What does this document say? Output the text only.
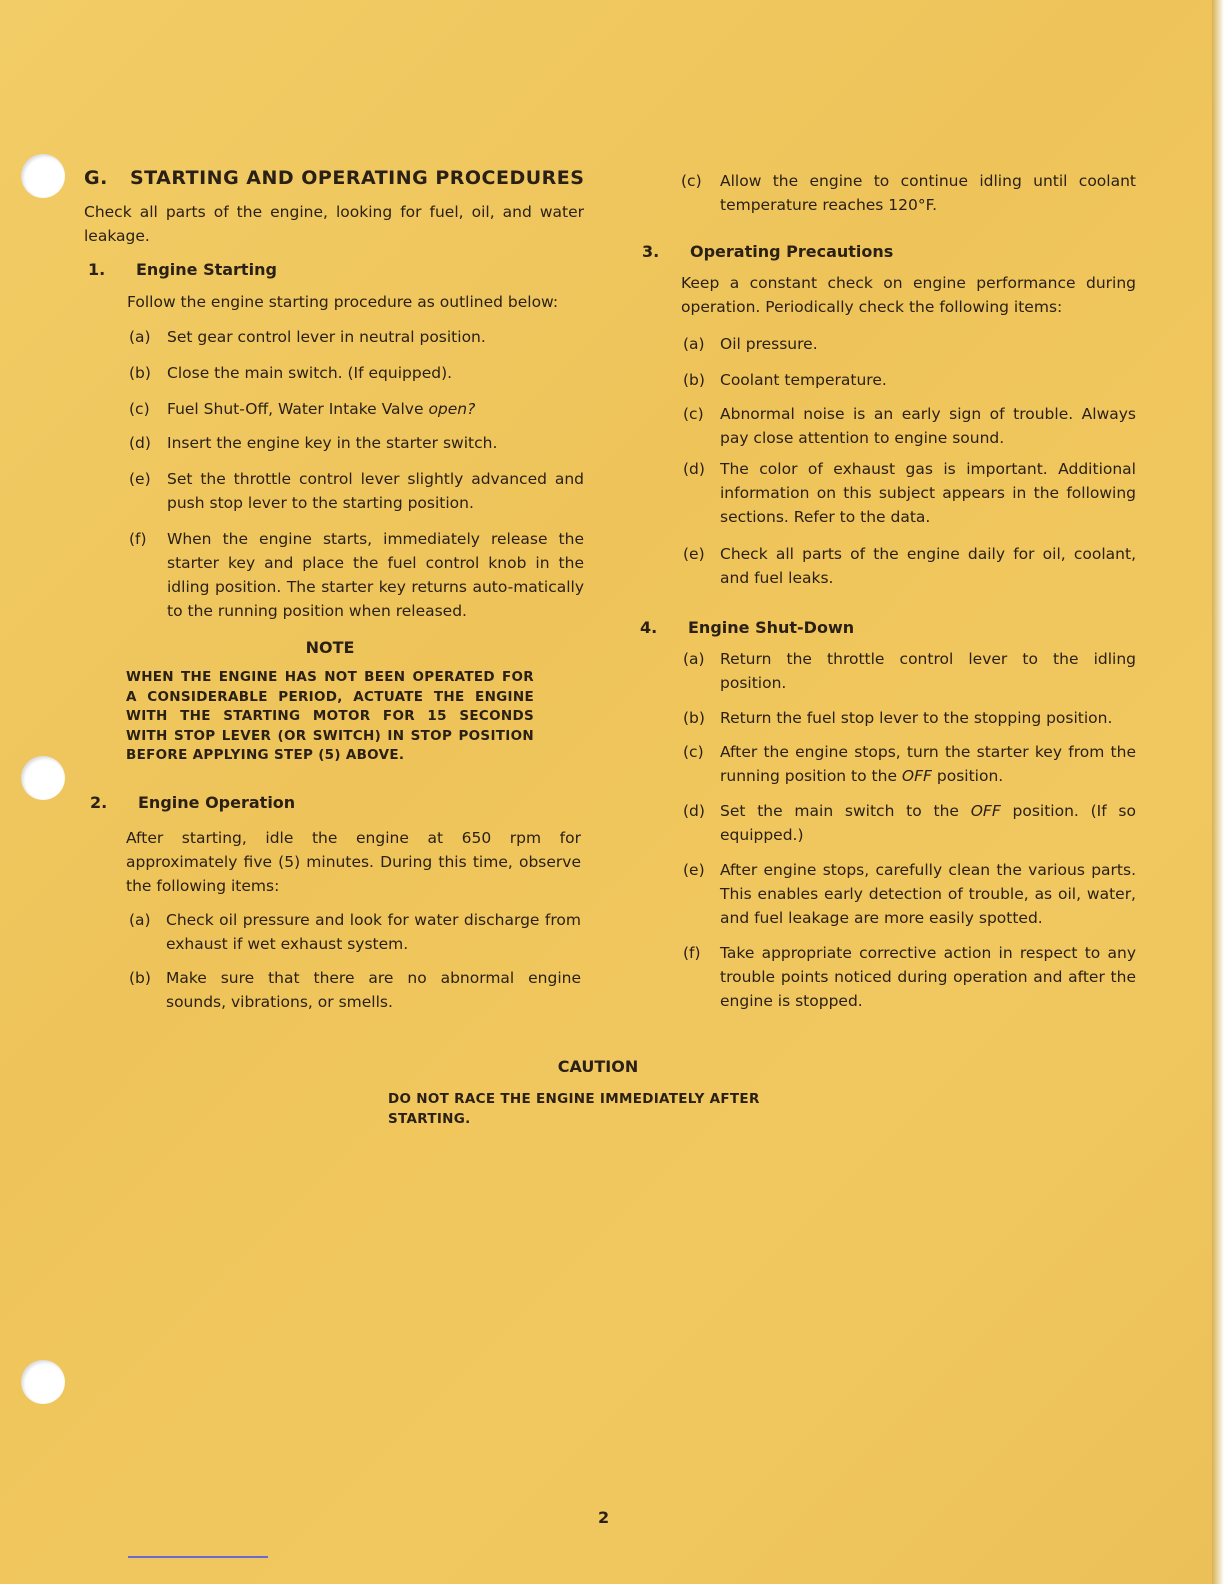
G. STARTING AND OPERATING PROCEDURES
Check all parts of the engine, looking for fuel, oil, and water leakage.
1. Engine Starting
Follow the engine starting procedure as outlined below:
(a) Set gear control lever in neutral position.
(b) Close the main switch. (If equipped).
(c) Fuel Shut-Off, Water Intake Valve open?
(d) Insert the engine key in the starter switch.
(e) Set the throttle control lever slightly advanced and push stop lever to the starting position.
(f) When the engine starts, immediately release the starter key and place the fuel control knob in the idling position. The starter key returns auto-matically to the running position when released.
NOTE
WHEN THE ENGINE HAS NOT BEEN OPERATED FOR A CONSIDERABLE PERIOD, ACTUATE THE ENGINE WITH THE STARTING MOTOR FOR 15 SECONDS WITH STOP LEVER (OR SWITCH) IN STOP POSITION BEFORE APPLYING STEP (5) ABOVE.
2. Engine Operation
After starting, idle the engine at 650 rpm for approximately five (5) minutes. During this time, observe the following items:
(a) Check oil pressure and look for water discharge from exhaust if wet exhaust system.
(b) Make sure that there are no abnormal engine sounds, vibrations, or smells.
(c) Allow the engine to continue idling until coolant temperature reaches 120°F.
3. Operating Precautions
Keep a constant check on engine performance during operation. Periodically check the following items:
(a) Oil pressure.
(b) Coolant temperature.
(c) Abnormal noise is an early sign of trouble. Always pay close attention to engine sound.
(d) The color of exhaust gas is important. Additional information on this subject appears in the following sections. Refer to the data.
(e) Check all parts of the engine daily for oil, coolant, and fuel leaks.
4. Engine Shut-Down
(a) Return the throttle control lever to the idling position.
(b) Return the fuel stop lever to the stopping position.
(c) After the engine stops, turn the starter key from the running position to the OFF position.
(d) Set the main switch to the OFF position. (If so equipped.)
(e) After engine stops, carefully clean the various parts. This enables early detection of trouble, as oil, water, and fuel leakage are more easily spotted.
(f) Take appropriate corrective action in respect to any trouble points noticed during operation and after the engine is stopped.
CAUTION
DO NOT RACE THE ENGINE IMMEDIATELY AFTER STARTING.
2
